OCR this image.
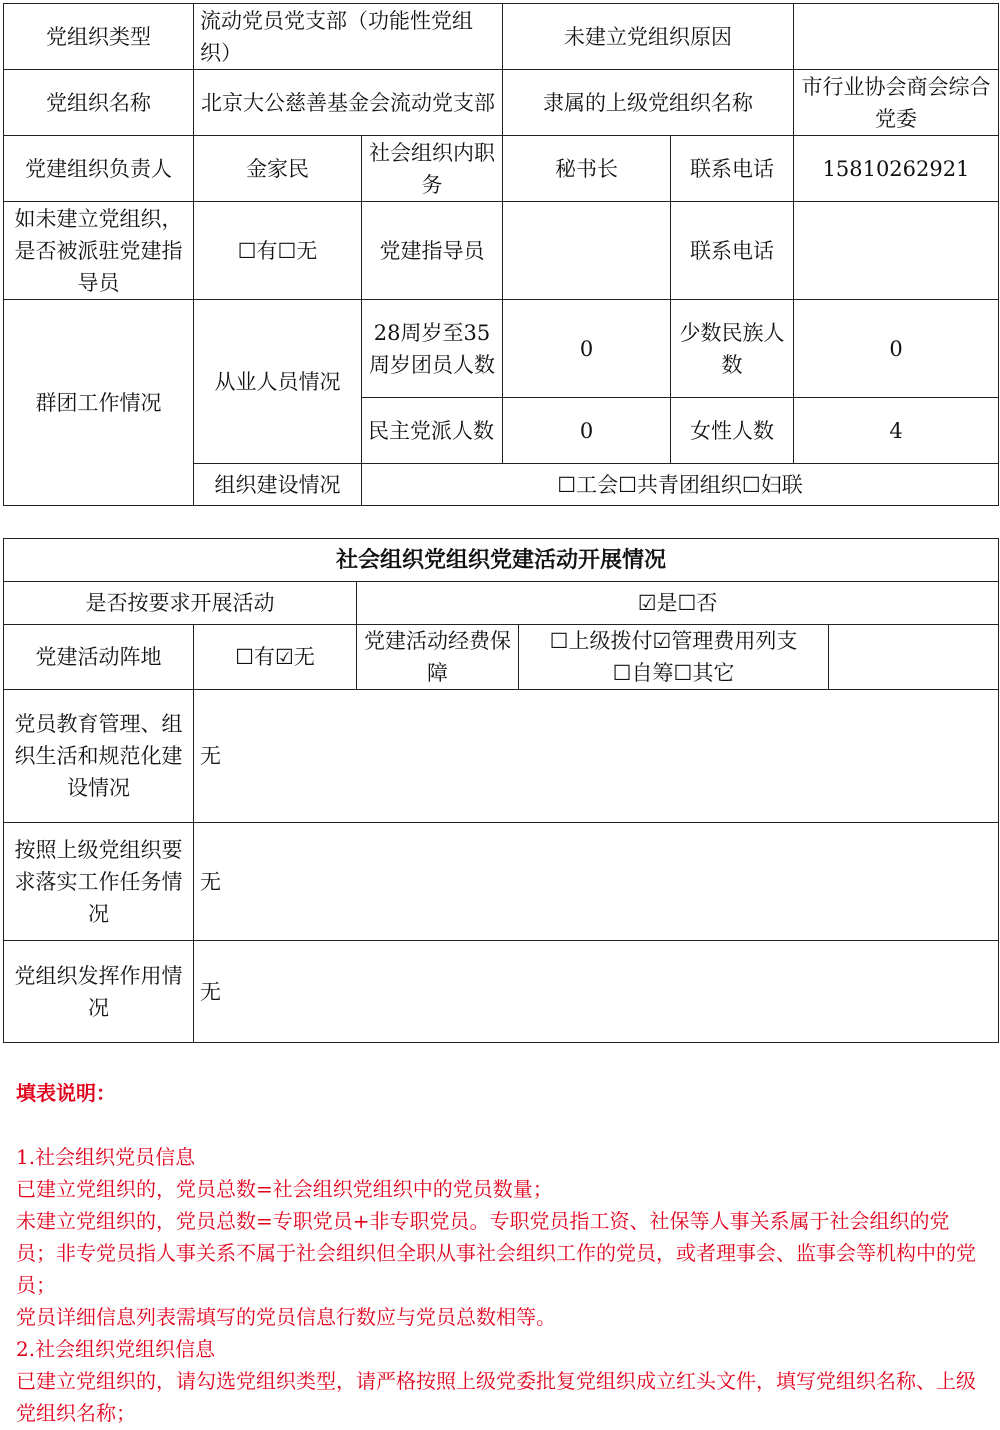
党组织类型	流动党员党支部（功能性党组织）		未建立党组织原因		
党组织名称	北京大公慈善基金会流动党支部		隶属的上级党组织名称		市行业协会商会综合党委
党建组织负责人	金家民	社会组织内职务	秘书长	联系电话	15810262921
如未建立党组织，是否被派驻党建指导员	☐有☐无	党建指导员		联系电话	
群团工作情况	从业人员情况	28周岁至35周岁团员人数	0	少数民族人数	0
		民主党派人数	0	女性人数	4
	组织建设情况	☐工会☐共青团组织☐妇联			
社会组织党组织党建活动开展情况				
是否按要求开展活动		☑是☐否		
党建活动阵地	☐有☑无	党建活动经费保障	☐上级拨付☑管理费用列支
☐自筹☐其它	

党员教育管理、组织生活和规范化建设情况	无			
按照上级党组织要求落实工作任务情况	无			
党组织发挥作用情况	无			
填表说明：

1.社会组织党员信息

已建立党组织的，党员总数=社会组织党组织中的党员数量；

未建立党组织的，党员总数=专职党员+非专职党员。专职党员指工资、社保等人事关系属于社会组织的党员；非专党员指人事关系不属于社会组织但全职从事社会组织工作的党员，或者理事会、监事会等机构中的党员；

党员详细信息列表需填写的党员信息行数应与党员总数相等。

2.社会组织党组织信息

已建立党组织的，请勾选党组织类型，请严格按照上级党委批复党组织成立红头文件，填写党组织名称、上级党组织名称；
